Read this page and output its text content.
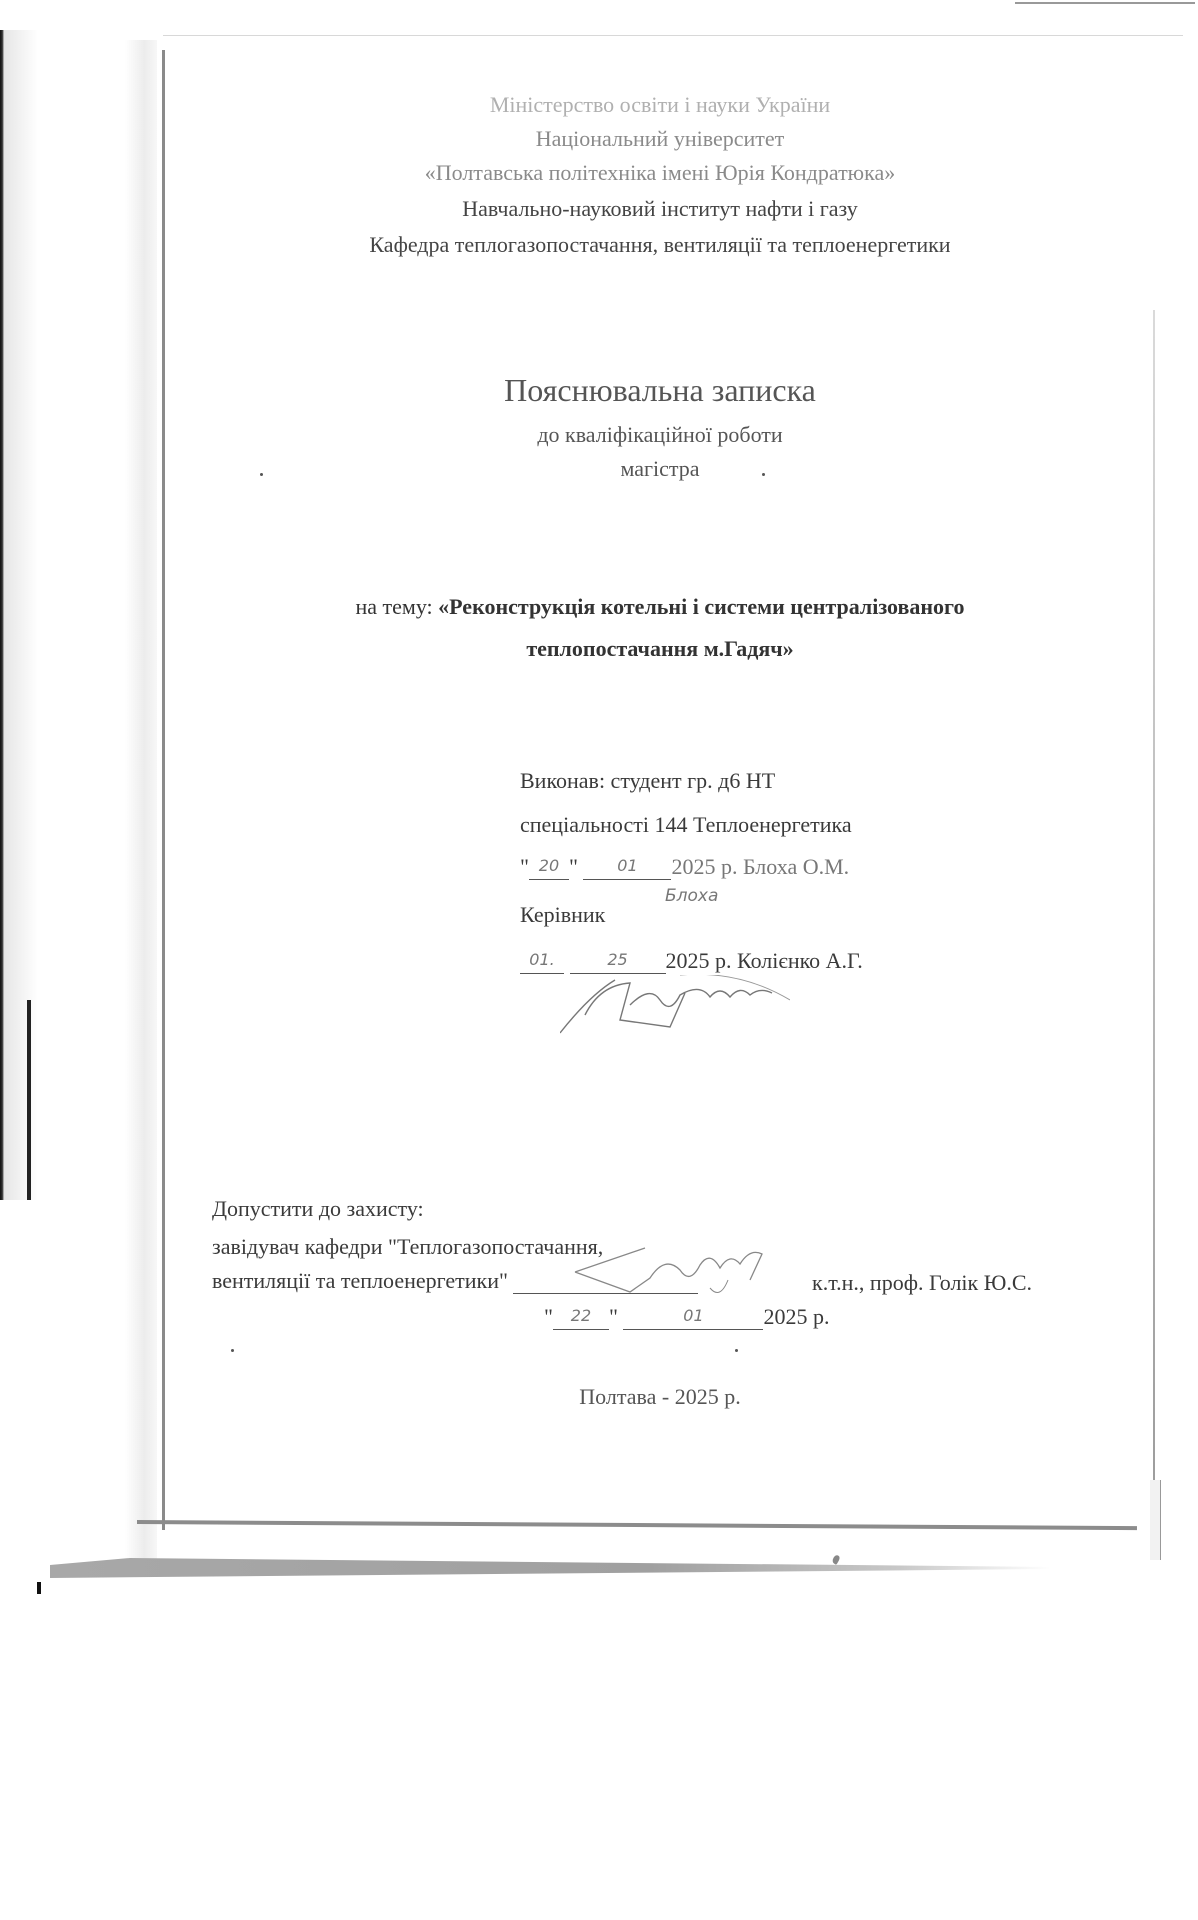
Міністерство освіти і науки України
Національний університет
«Полтавська політехніка імені Юрія Кондратюка»
Навчально-науковий інститут нафти і газу
Кафедра теплогазопостачання, вентиляції та теплоенергетики
Пояснювальна записка
до кваліфікаційної роботи
магістра
на тему: «Реконструкція котельні і системи централізованого
теплопостачання м.Гадяч»
Виконав: студент гр. д6 НТ
спеціальності 144 Теплоенергетика
" 20 " 01 2025 р. Блоха О.М.
Блоха
Керівник
01.	25 2025 р. Колієнко А.Г.
Допустити до захисту:
завідувач кафедри "Теплогазопостачання,
вентиляції та теплоенергетики"	к.т.н., проф. Голік Ю.С.
" 22 "	01	2025 р.
Полтава - 2025 р.
